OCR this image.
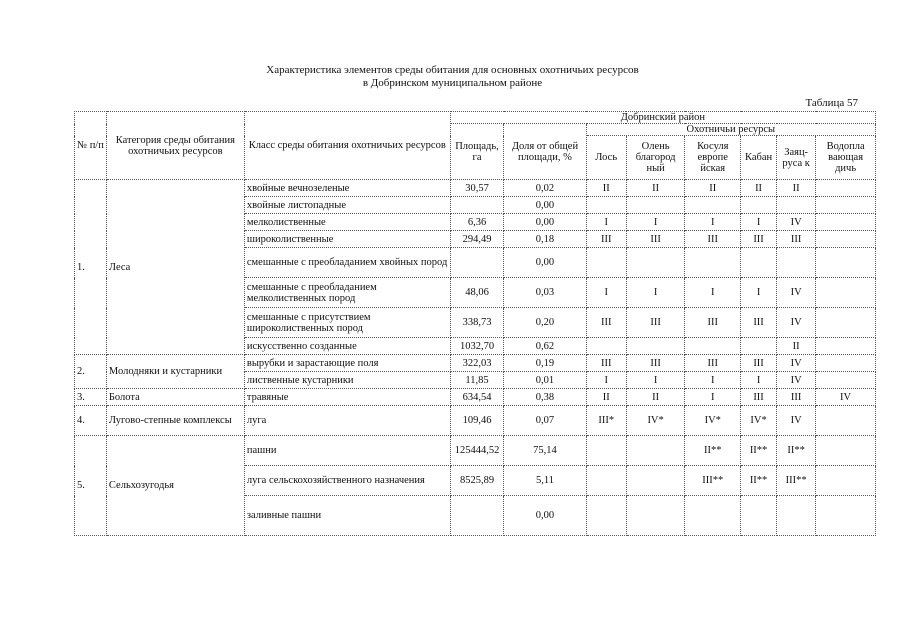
Характеристика элементов среды обитания для основных охотничьих ресурсов
в Добринском муниципальном районе
Таблица 57
№ п/п	Категория среды обитания охотничьих ресурсов	Класс среды обитания охотничьих ресурсов	Добринский район							
			Площадь, га	Доля от общей площади, %	Охотничьи ресурсы					
					Лось	Олень благород ный	Косуля европе йская	Кабан	Заяц-руса к	Водопла вающая дичь
1.	Леса	хвойные вечнозеленые	30,57	0,02	II	II	II	II	II	
		хвойные листопадные		0,00						
		мелколиственные	6,36	0,00	I	I	I	I	IV	
		широколиственные	294,49	0,18	III	III	III	III	III	
		смешанные с преобладанием хвойных пород		0,00						
		смешанные с преобладанием мелколиственных пород	48,06	0,03	I	I	I	I	IV	
		смешанные с присутствием широколиственных пород	338,73	0,20	III	III	III	III	IV	
		искусственно созданные	1032,70	0,62					II	
2.	Молодняки и кустарники	вырубки и зарастающие поля	322,03	0,19	III	III	III	III	IV	
		лиственные кустарники	11,85	0,01	I	I	I	I	IV	
3.	Болота	травяные	634,54	0,38	II	II	I	III	III	IV
4.	Лугово-степные комплексы	луга	109,46	0,07	III*	IV*	IV*	IV*	IV	
5.	Сельхозугодья	пашни	125444,52	75,14			II**	II**	II**	
		луга сельскохозяйственного назначения	8525,89	5,11			III**	II**	III**	
		заливные пашни		0,00						
